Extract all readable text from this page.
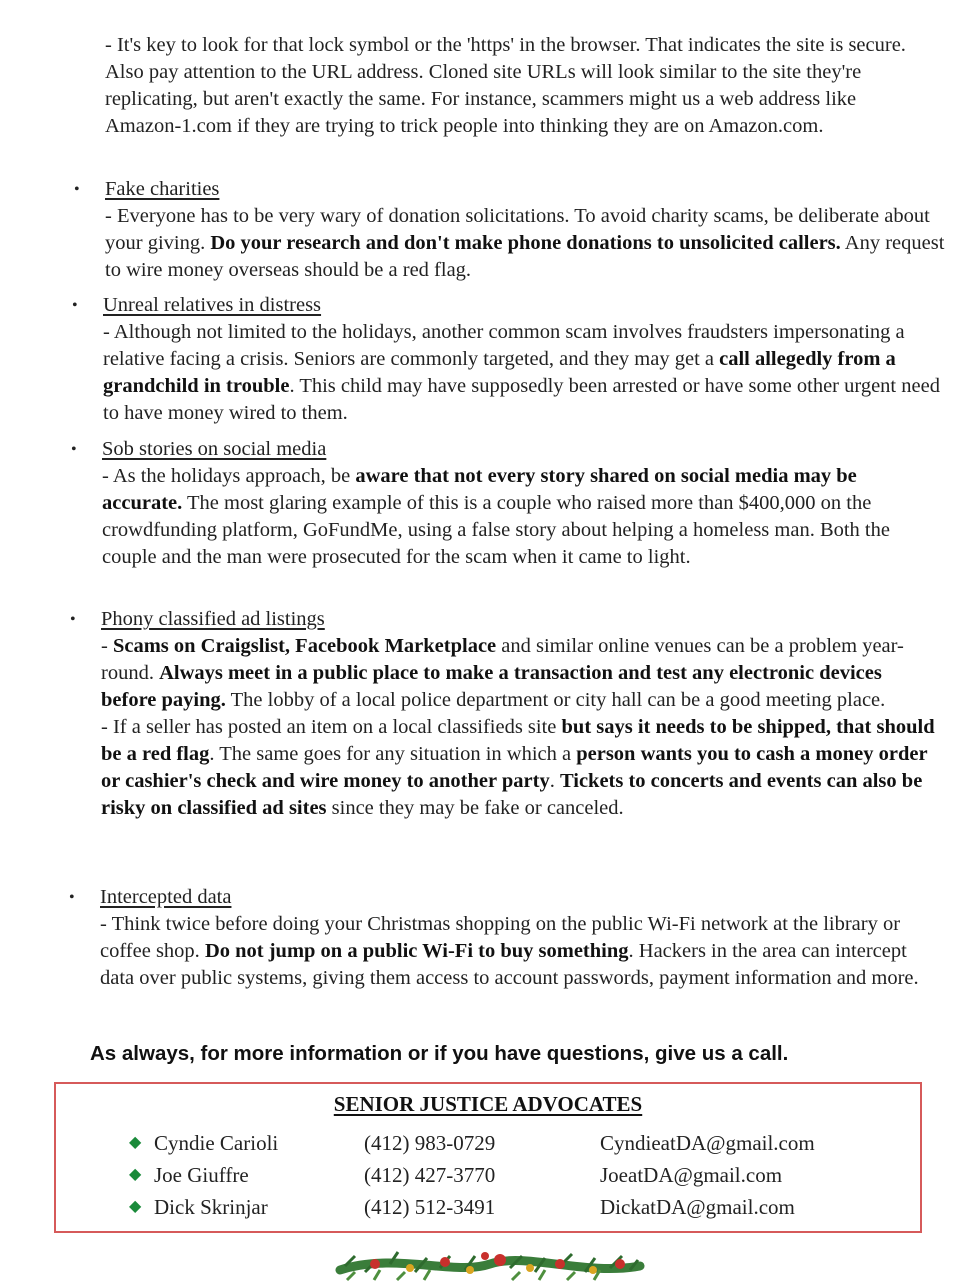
- It's key to look for that lock symbol or the 'https' in the browser. That indicates the site is secure. Also pay attention to the URL address. Cloned site URLs will look similar to the site they're replicating, but aren't exactly the same. For instance, scammers might us a web address like Amazon-1.com if they are trying to trick people into thinking they are on Amazon.com.
• Fake charities
- Everyone has to be very wary of donation solicitations. To avoid charity scams, be deliberate about your giving. Do your research and don't make phone donations to unsolicited callers. Any request to wire money overseas should be a red flag.
• Unreal relatives in distress
- Although not limited to the holidays, another common scam involves fraudsters impersonating a relative facing a crisis. Seniors are commonly targeted, and they may get a call allegedly from a grandchild in trouble. This child may have supposedly been arrested or have some other urgent need to have money wired to them.
• Sob stories on social media
- As the holidays approach, be aware that not every story shared on social media may be accurate. The most glaring example of this is a couple who raised more than $400,000 on the crowdfunding platform, GoFundMe, using a false story about helping a homeless man. Both the couple and the man were prosecuted for the scam when it came to light.
• Phony classified ad listings
- Scams on Craigslist, Facebook Marketplace and similar online venues can be a problem year-round. Always meet in a public place to make a transaction and test any electronic devices before paying. The lobby of a local police department or city hall can be a good meeting place.
- If a seller has posted an item on a local classifieds site but says it needs to be shipped, that should be a red flag. The same goes for any situation in which a person wants you to cash a money order or cashier's check and wire money to another party. Tickets to concerts and events can also be risky on classified ad sites since they may be fake or canceled.
• Intercepted data
- Think twice before doing your Christmas shopping on the public Wi-Fi network at the library or coffee shop. Do not jump on a public Wi-Fi to buy something. Hackers in the area can intercept data over public systems, giving them access to account passwords, payment information and more.
As always, for more information or if you have questions, give us a call.
SENIOR JUSTICE ADVOCATES
◆ Cyndie Carioli	(412) 983-0729	CyndieatDA@gmail.com
◆ Joe Giuffre	(412) 427-3770	JoeatDA@gmail.com
◆ Dick Skrinjar	(412) 512-3491	DickatDA@gmail.com
